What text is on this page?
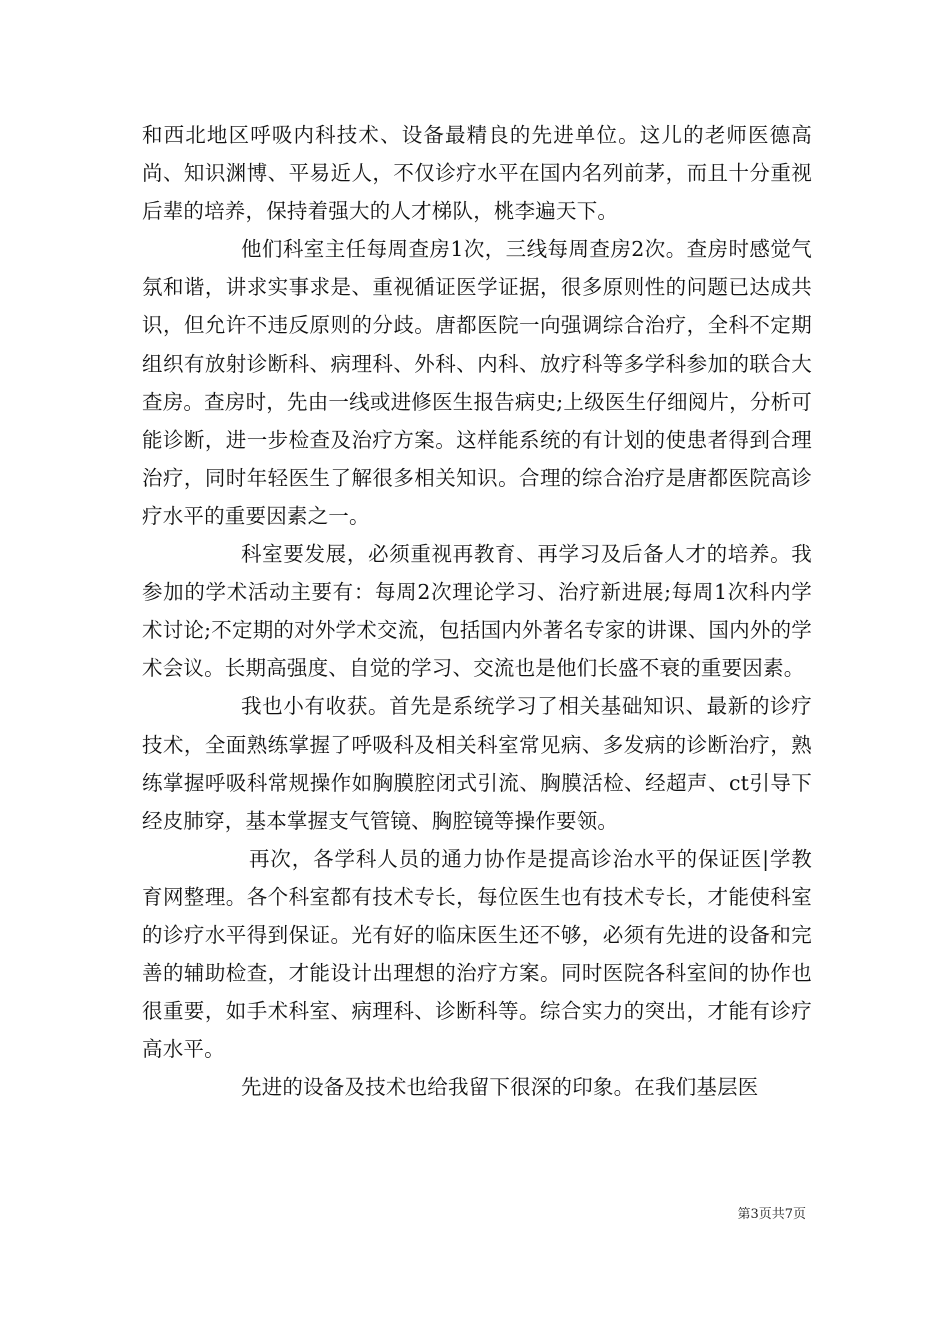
和西北地区呼吸内科技术、设备最精良的先进单位。这儿的老师医德高尚、知识渊博、平易近人，不仅诊疗水平在国内名列前茅，而且十分重视后辈的培养，保持着强大的人才梯队，桃李遍天下。

他们科室主任每周查房1次，三线每周查房2次。查房时感觉气氛和谐，讲求实事求是、重视循证医学证据，很多原则性的问题已达成共识，但允许不违反原则的分歧。唐都医院一向强调综合治疗，全科不定期组织有放射诊断科、病理科、外科、内科、放疗科等多学科参加的联合大查房。查房时，先由一线或进修医生报告病史;上级医生仔细阅片，分析可能诊断，进一步检查及治疗方案。这样能系统的有计划的使患者得到合理治疗，同时年轻医生了解很多相关知识。合理的综合治疗是唐都医院高诊疗水平的重要因素之一。

科室要发展，必须重视再教育、再学习及后备人才的培养。我参加的学术活动主要有：每周2次理论学习、治疗新进展;每周1次科内学术讨论;不定期的对外学术交流，包括国内外著名专家的讲课、国内外的学术会议。长期高强度、自觉的学习、交流也是他们长盛不衰的重要因素。

我也小有收获。首先是系统学习了相关基础知识、最新的诊疗技术，全面熟练掌握了呼吸科及相关科室常见病、多发病的诊断治疗，熟练掌握呼吸科常规操作如胸膜腔闭式引流、胸膜活检、经超声、ct引导下经皮肺穿，基本掌握支气管镜、胸腔镜等操作要领。

再次，各学科人员的通力协作是提高诊治水平的保证医|学教育网整理。各个科室都有技术专长，每位医生也有技术专长，才能使科室的诊疗水平得到保证。光有好的临床医生还不够，必须有先进的设备和完善的辅助检查，才能设计出理想的治疗方案。同时医院各科室间的协作也很重要，如手术科室、病理科、诊断科等。综合实力的突出，才能有诊疗高水平。

先进的设备及技术也给我留下很深的印象。在我们基层医

第3页共7页
